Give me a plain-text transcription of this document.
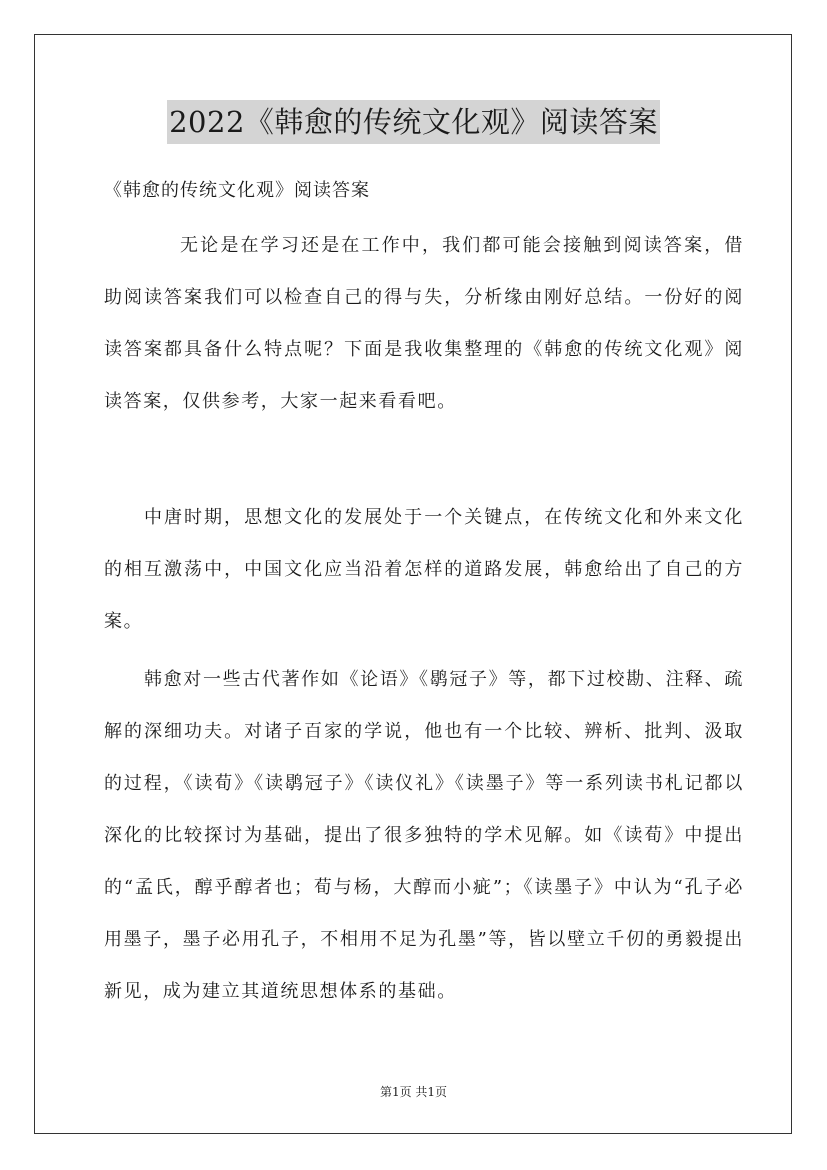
2022《韩愈的传统文化观》阅读答案

《韩愈的传统文化观》阅读答案

无论是在学习还是在工作中，我们都可能会接触到阅读答案，借助阅读答案我们可以检查自己的得与失，分析缘由刚好总结。一份好的阅读答案都具备什么特点呢？下面是我收集整理的《韩愈的传统文化观》阅读答案，仅供参考，大家一起来看看吧。

中唐时期，思想文化的发展处于一个关键点，在传统文化和外来文化的相互激荡中，中国文化应当沿着怎样的道路发展，韩愈给出了自己的方案。

韩愈对一些古代著作如《论语》《鹖冠子》等，都下过校勘、注释、疏解的深细功夫。对诸子百家的学说，他也有一个比较、辨析、批判、汲取的过程，《读荀》《读鹖冠子》《读仪礼》《读墨子》等一系列读书札记都以深化的比较探讨为基础，提出了很多独特的学术见解。如《读荀》中提出的“孟氏，醇乎醇者也；荀与杨，大醇而小疵”；《读墨子》中认为“孔子必用墨子，墨子必用孔子，不相用不足为孔墨”等，皆以壁立千仞的勇毅提出新见，成为建立其道统思想体系的基础。

第1页 共1页
